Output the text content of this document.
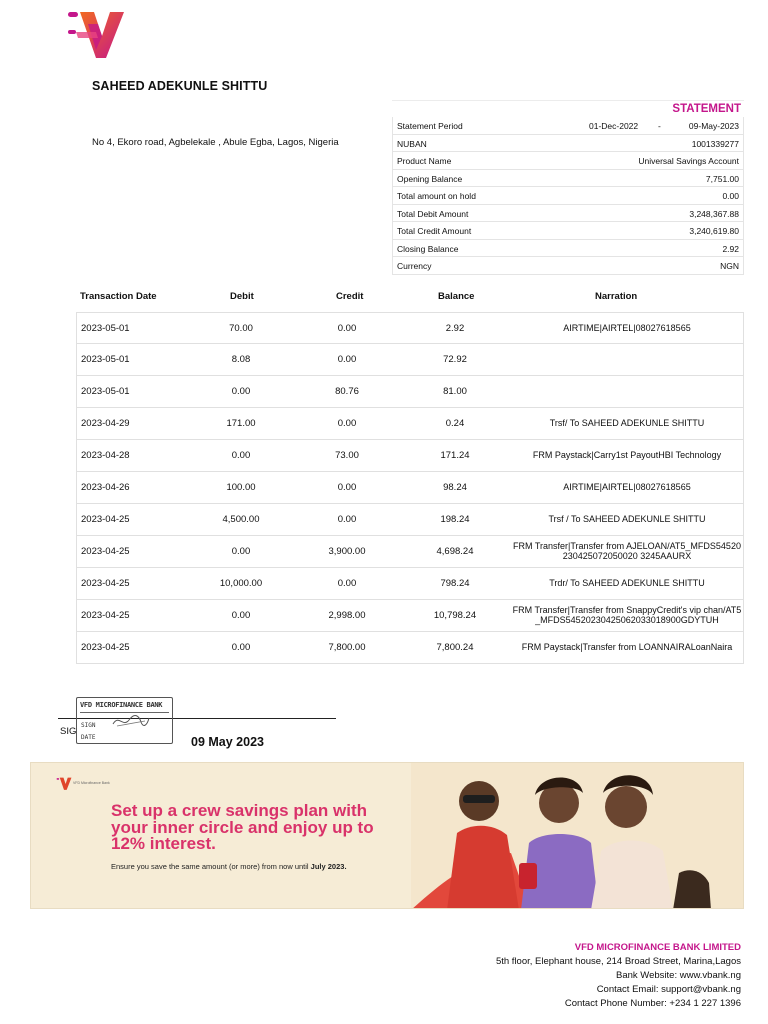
SAHEED ADEKUNLE SHITTU
No 4, Ekoro road, Agbelekale , Abule Egba, Lagos, Nigeria
STATEMENT
Statement Period	01-Dec-2022 -	09-May-2023
NUBAN	1001339277
Product Name	Universal Savings Account
Opening Balance	7,751.00
Total amount on hold	0.00
Total Debit Amount	3,248,367.88
Total Credit Amount	3,240,619.80
Closing Balance	2.92
Currency	NGN
Transaction Date	Debit	Credit	Balance	Narration
2023-05-01	70.00	0.00	2.92	AIRTIME|AIRTEL|08027618565
2023-05-01	8.08	0.00	72.92
2023-05-01	0.00	80.76	81.00
2023-04-29	171.00	0.00	0.24	Trsf/ To SAHEED ADEKUNLE SHITTU
2023-04-28	0.00	73.00	171.24	FRM Paystack|Carry1st PayoutHBI Technology
2023-04-26	100.00	0.00	98.24	AIRTIME|AIRTEL|08027618565
2023-04-25	4,500.00	0.00	198.24	Trsf / To SAHEED ADEKUNLE SHITTU
2023-04-25	0.00	3,900.00	4,698.24	FRM Transfer|Transfer from AJELOAN/AT5_MFDS54520230425072050020 3245AAURX
2023-04-25	10,000.00	0.00	798.24	Trdr/ To SAHEED ADEKUNLE SHITTU
2023-04-25	0.00	2,998.00	10,798.24	FRM Transfer|Transfer from SnappyCredit's vip chan/AT5_MFDS54520230425062033018900GDYTUH
2023-04-25	0.00	7,800.00	7,800.24	FRM Paystack|Transfer from LOANNAIRALoanNaira
SIG
VFD MICROFINANCE BANK
SIGN
DATE	09 May 2023
VFD Microfinance Bank
Set up a crew savings plan with your inner circle and enjoy up to 12% interest.
Ensure you save the same amount (or more) from now until July 2023.
VFD MICROFINANCE BANK LIMITED
5th floor, Elephant house, 214 Broad Street, Marina,Lagos
Bank Website: www.vbank.ng
Contact Email: support@vbank.ng
Contact Phone Number: +234 1 227 1396
